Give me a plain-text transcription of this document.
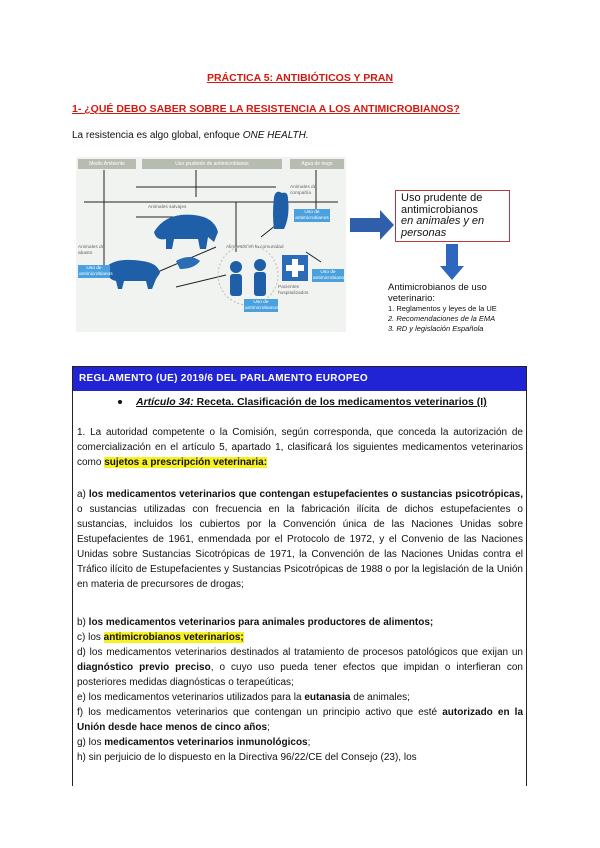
PRÁCTICA 5: ANTIBIÓTICOS Y PRAN
1- ¿QUÉ DEBO SABER SOBRE LA RESISTENCIA A LOS ANTIMICROBIANOS?
La resistencia es algo global, enfoque ONE HEALTH.
Medio Ambiente	Uso prudente de antimicrobianos	Agua de riego
Animales salvajes
Animales de compañía
Animales de abasto
Alimentos en la comunidad
Pacientes hospitalizados
Uso de antimicrobianos
Uso de antimicrobianos
Uso de antimicrobianos
Uso de antimicrobianos
Uso prudente de
antimicrobianos
en animales y en
personas
Antimicrobianos de uso
veterinario:
1. Reglamentos y leyes de la UE
2. Recomendaciones de la EMA
3. RD y legislación Española
REGLAMENTO (UE) 2019/6 DEL PARLAMENTO EUROPEO
Artículo 34: Receta. Clasificación de los medicamentos veterinarios (I)
1. La autoridad competente o la Comisión, según corresponda, que conceda la autorización de comercialización en el artículo 5, apartado 1, clasificará los siguientes medicamentos veterinarios como sujetos a prescripción veterinaria:
a) los medicamentos veterinarios que contengan estupefacientes o sustancias psicotrópicas, o sustancias utilizadas con frecuencia en la fabricación ilícita de dichos estupefacientes o sustancias, incluidos los cubiertos por la Convención única de las Naciones Unidas sobre Estupefacientes de 1961, enmendada por el Protocolo de 1972, y el Convenio de las Naciones Unidas sobre Sustancias Sicotrópicas de 1971, la Convención de las Naciones Unidas contra el Tráfico ilícito de Estupefacientes y Sustancias Psicotrópicas de 1988 o por la legislación de la Unión en materia de precursores de drogas;
b) los medicamentos veterinarios para animales productores de alimentos;
c) los antimicrobianos veterinarios;
d) los medicamentos veterinarios destinados al tratamiento de procesos patológicos que exijan un diagnóstico previo preciso, o cuyo uso pueda tener efectos que impidan o interfieran con posteriores medidas diagnósticas o terapeúticas;
e) los medicamentos veterinarios utilizados para la eutanasia de animales;
f) los medicamentos veterinarios que contengan un principio activo que esté autorizado en la Unión desde hace menos de cinco años;
g) los medicamentos veterinarios inmunológicos;
h) sin perjuicio de lo dispuesto en la Directiva 96/22/CE del Consejo (23), los
